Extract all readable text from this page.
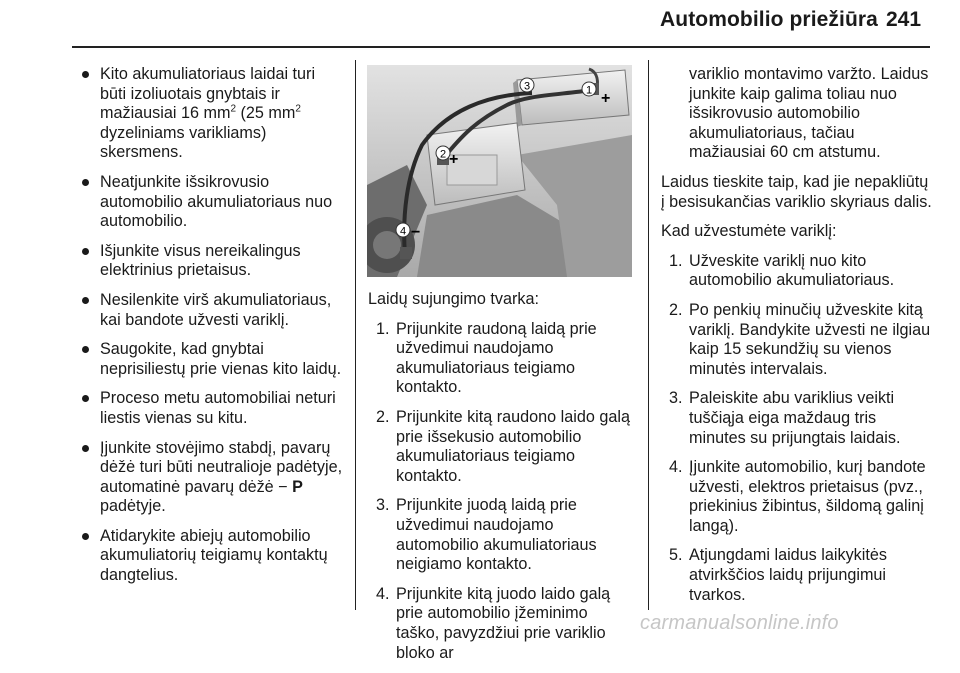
Automobilio priežiūra 241
Kito akumuliatoriaus laidai turi būti izoliuotais gnybtais ir mažiausiai 16 $mm^2$ (25 $mm^2$ dyzeliniams varikliams) skersmens.
Neatjunkite išsikrovusio automobilio akumuliatoriaus nuo automobilio.
Išjunkite visus nereikalingus elektrinius prietaisus.
Nesilenkite virš akumuliatoriaus, kai bandote užvesti variklį.
Saugokite, kad gnybtai neprisiliestų prie vienas kito laidų.
Proceso metu automobiliai neturi liestis vienas su kitu.
Įjunkite stovėjimo stabdį, pavarų dėžė turi būti neutralioje padėtyje, automatinė pavarų dėžė − P padėtyje.
Atidarykite abiejų automobilio akumuliatorių teigiamų kontaktų dangtelius.
1 +
3
2 +
4 −

Laidų sujungimo tvarka:

1. Prijunkite raudoną laidą prie užvedimui naudojamo akumuliatoriaus teigiamo kontakto.
2. Prijunkite kitą raudono laido galą prie išsekusio automobilio akumuliatoriaus teigiamo kontakto.
3. Prijunkite juodą laidą prie užvedimui naudojamo automobilio akumuliatoriaus neigiamo kontakto.
4. Prijunkite kitą juodo laido galą prie automobilio įžeminimo taško, pavyzdžiui prie variklio bloko ar

variklio montavimo varžto. Laidus junkite kaip galima toliau nuo išsikrovusio automobilio akumuliatoriaus, tačiau mažiausiai 60 cm atstumu.

Laidus tieskite taip, kad jie nepakliūtų į besisukančias variklio skyriaus dalis.

Kad užvestumėte variklį:

1. Užveskite variklį nuo kito automobilio akumuliatoriaus.
2. Po penkių minučių užveskite kitą variklį. Bandykite užvesti ne ilgiau kaip 15 sekundžių su vienos minutės intervalais.
3. Paleiskite abu variklius veikti tuščiąja eiga maždaug tris minutes su prijungtais laidais.
4. Įjunkite automobilio, kurį bandote užvesti, elektros prietaisus (pvz., priekinius žibintus, šildomą galinį langą).
5. Atjungdami laidus laikykitės atvirkščios laidų prijungimui tvarkos.
carmanualsonline.info
